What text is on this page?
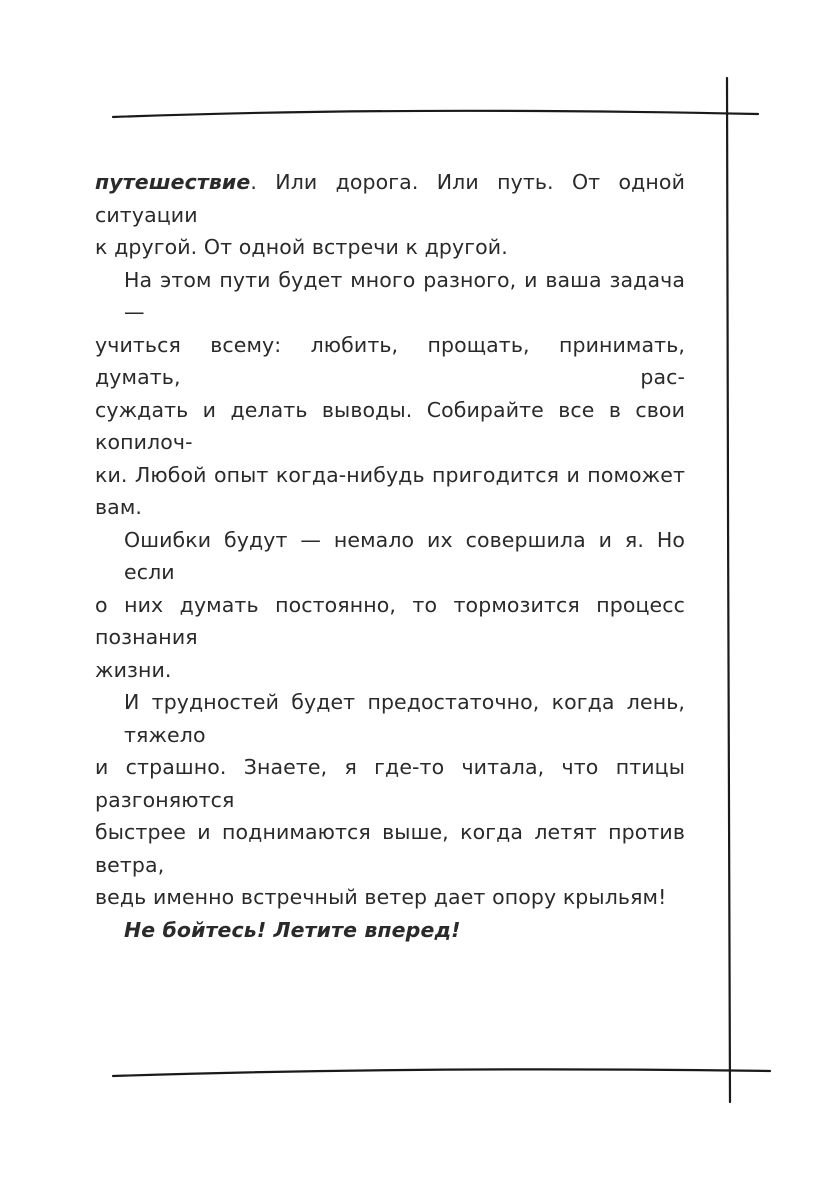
путешествие. Или дорога. Или путь. От одной ситуации
к другой. От одной встречи к другой.

На этом пути будет много разного, и ваша задача —
учиться всему: любить, прощать, принимать, думать, рас-
суждать и делать выводы. Собирайте все в свои копилоч-
ки. Любой опыт когда-нибудь пригодится и поможет вам.

Ошибки будут — немало их совершила и я. Но если
о них думать постоянно, то тормозится процесс познания
жизни.

И трудностей будет предостаточно, когда лень, тяжело
и страшно. Знаете, я где-то читала, что птицы разгоняются
быстрее и поднимаются выше, когда летят против ветра,
ведь именно встречный ветер дает опору крыльям!

Не бойтесь! Летите вперед!
